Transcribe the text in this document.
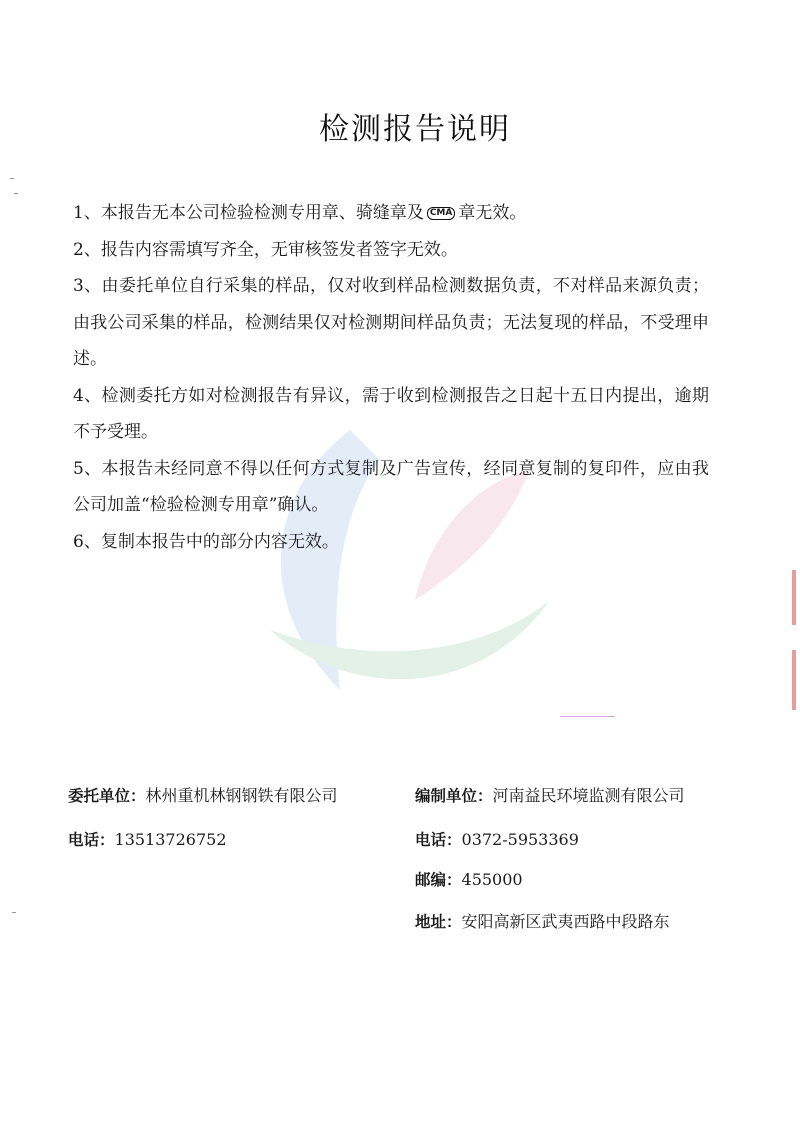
检测报告说明

1、本报告无本公司检验检测专用章、骑缝章及 CMA 章无效。

2、报告内容需填写齐全，无审核签发者签字无效。

3、由委托单位自行采集的样品，仅对收到样品检测数据负责，不对样品来源负责；由我公司采集的样品，检测结果仅对检测期间样品负责；无法复现的样品，不受理申述。

4、检测委托方如对检测报告有异议，需于收到检测报告之日起十五日内提出，逾期不予受理。

5、本报告未经同意不得以任何方式复制及广告宣传，经同意复制的复印件，应由我公司加盖“检验检测专用章”确认。

6、复制本报告中的部分内容无效。

委托单位：林州重机林钢钢铁有限公司
电话：13513726752
编制单位：河南益民环境监测有限公司
电话：0372-5953369
邮编：455000
地址：安阳高新区武夷西路中段路东
